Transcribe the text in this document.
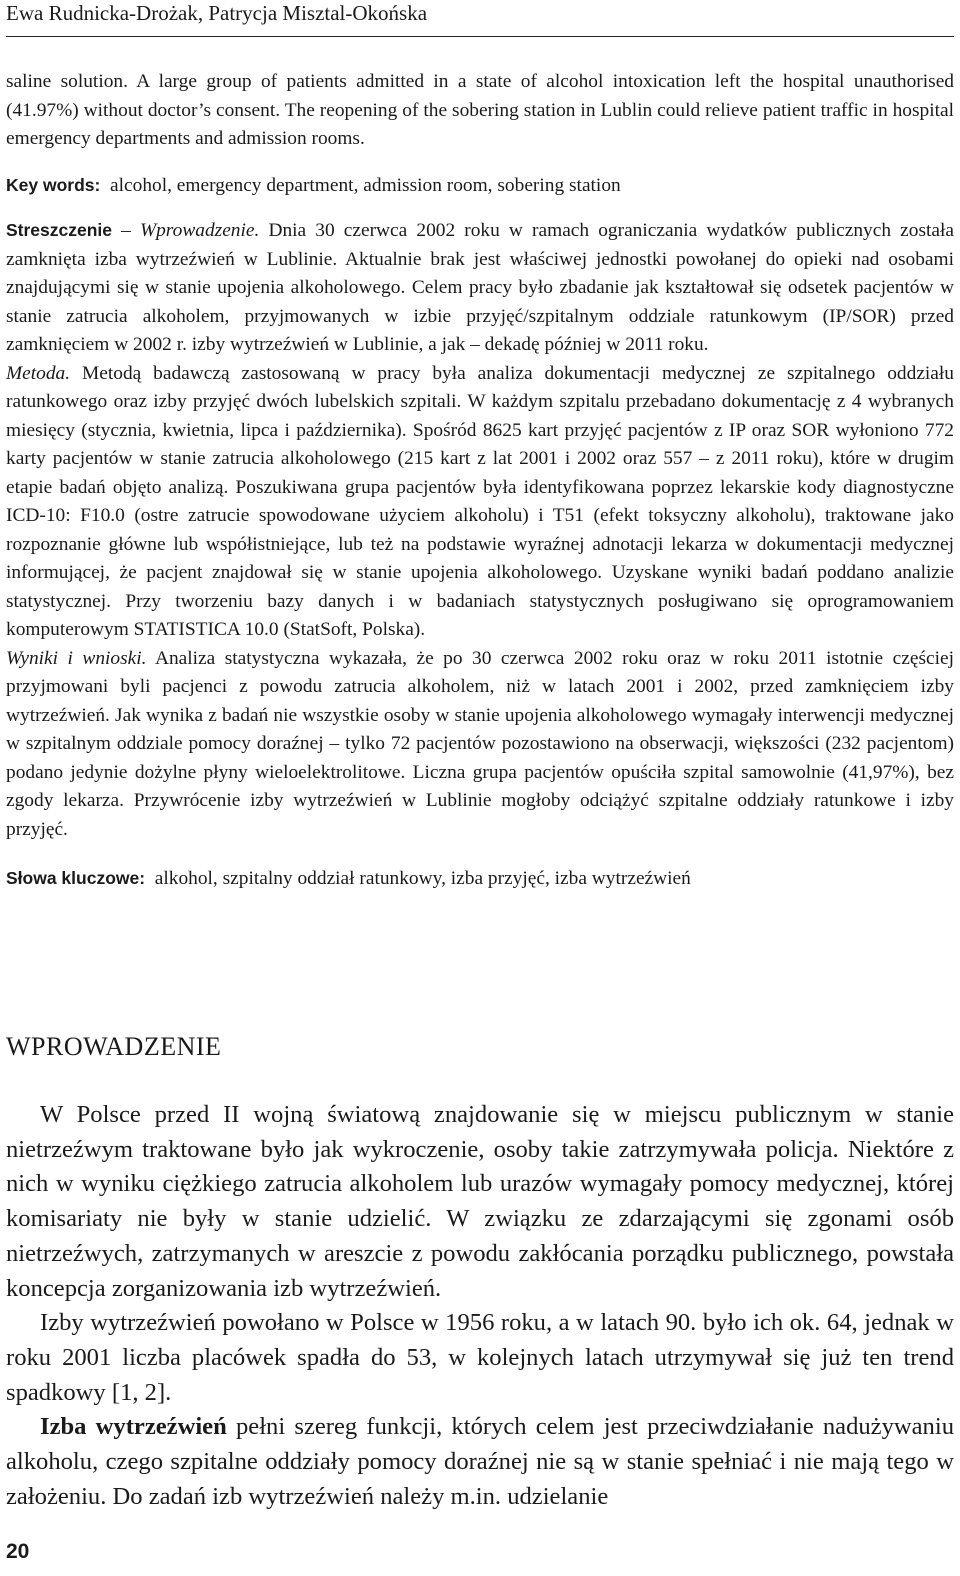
Ewa Rudnicka-Drożak, Patrycja Misztal-Okońska

saline solution. A large group of patients admitted in a state of alcohol intoxication left the hospital unauthorised (41.97%) without doctor’s consent. The reopening of the sobering station in Lublin could relieve patient traffic in hospital emergency departments and admission rooms.

Key words: alcohol, emergency department, admission room, sobering station

Streszczenie – Wprowadzenie. Dnia 30 czerwca 2002 roku w ramach ograniczania wydatków publicznych została zamknięta izba wytrzeźwień w Lublinie. Aktualnie brak jest właściwej jednostki powołanej do opieki nad osobami znajdującymi się w stanie upojenia alkoholowego. Celem pracy było zbadanie jak kształtował się odsetek pacjentów w stanie zatrucia alkoholem, przyjmowanych w izbie przyjęć/szpitalnym oddziale ratunkowym (IP/SOR) przed zamknięciem w 2002 r. izby wytrzeźwień w Lublinie, a jak – dekadę później w 2011 roku.

Metoda. Metodą badawczą zastosowaną w pracy była analiza dokumentacji medycznej ze szpitalnego oddziału ratunkowego oraz izby przyjęć dwóch lubelskich szpitali. W każdym szpitalu przebadano dokumentację z 4 wybranych miesięcy (stycznia, kwietnia, lipca i października). Spośród 8625 kart przyjęć pacjentów z IP oraz SOR wyłoniono 772 karty pacjentów w stanie zatrucia alkoholowego (215 kart z lat 2001 i 2002 oraz 557 – z 2011 roku), które w drugim etapie badań objęto analizą. Poszukiwana grupa pacjentów była identyfikowana poprzez lekarskie kody diagnostyczne ICD-10: F10.0 (ostre zatrucie spowodowane użyciem alkoholu) i T51 (efekt toksyczny alkoholu), traktowane jako rozpoznanie główne lub współistniejące, lub też na podstawie wyraźnej adnotacji lekarza w dokumentacji medycznej informującej, że pacjent znajdował się w stanie upojenia alkoholowego. Uzyskane wyniki badań poddano analizie statystycznej. Przy tworzeniu bazy danych i w badaniach statystycznych posługiwano się oprogramowaniem komputerowym STATISTICA 10.0 (StatSoft, Polska).

Wyniki i wnioski. Analiza statystyczna wykazała, że po 30 czerwca 2002 roku oraz w roku 2011 istotnie częściej przyjmowani byli pacjenci z powodu zatrucia alkoholem, niż w latach 2001 i 2002, przed zamknięciem izby wytrzeźwień. Jak wynika z badań nie wszystkie osoby w stanie upojenia alkoholowego wymagały interwencji medycznej w szpitalnym oddziale pomocy doraźnej – tylko 72 pacjentów pozostawiono na obserwacji, większości (232 pacjentom) podano jedynie dożylne płyny wieloelektrolitowe. Liczna grupa pacjentów opuściła szpital samowolnie (41,97%), bez zgody lekarza. Przywrócenie izby wytrzeźwień w Lublinie mogłoby odciążyć szpitalne oddziały ratunkowe i izby przyjęć.

Słowa kluczowe: alkohol, szpitalny oddział ratunkowy, izba przyjęć, izba wytrzeźwień

WPROWADZENIE

W Polsce przed II wojną światową znajdowanie się w miejscu publicznym w stanie nietrzeźwym traktowane było jak wykroczenie, osoby takie zatrzymywała policja. Niektóre z nich w wyniku ciężkiego zatrucia alkoholem lub urazów wymagały pomocy medycznej, której komisariaty nie były w stanie udzielić. W związku ze zdarzającymi się zgonami osób nietrzeźwych, zatrzymanych w areszcie z powodu zakłócania porządku publicznego, powstała koncepcja zorganizowania izb wytrzeźwień.

Izby wytrzeźwień powołano w Polsce w 1956 roku, a w latach 90. było ich ok. 64, jednak w roku 2001 liczba placówek spadła do 53, w kolejnych latach utrzymywał się już ten trend spadkowy [1, 2].

Izba wytrzeźwień pełni szereg funkcji, których celem jest przeciwdziałanie nadużywaniu alkoholu, czego szpitalne oddziały pomocy doraźnej nie są w stanie spełniać i nie mają tego w założeniu. Do zadań izb wytrzeźwień należy m.in. udzielanie

20
